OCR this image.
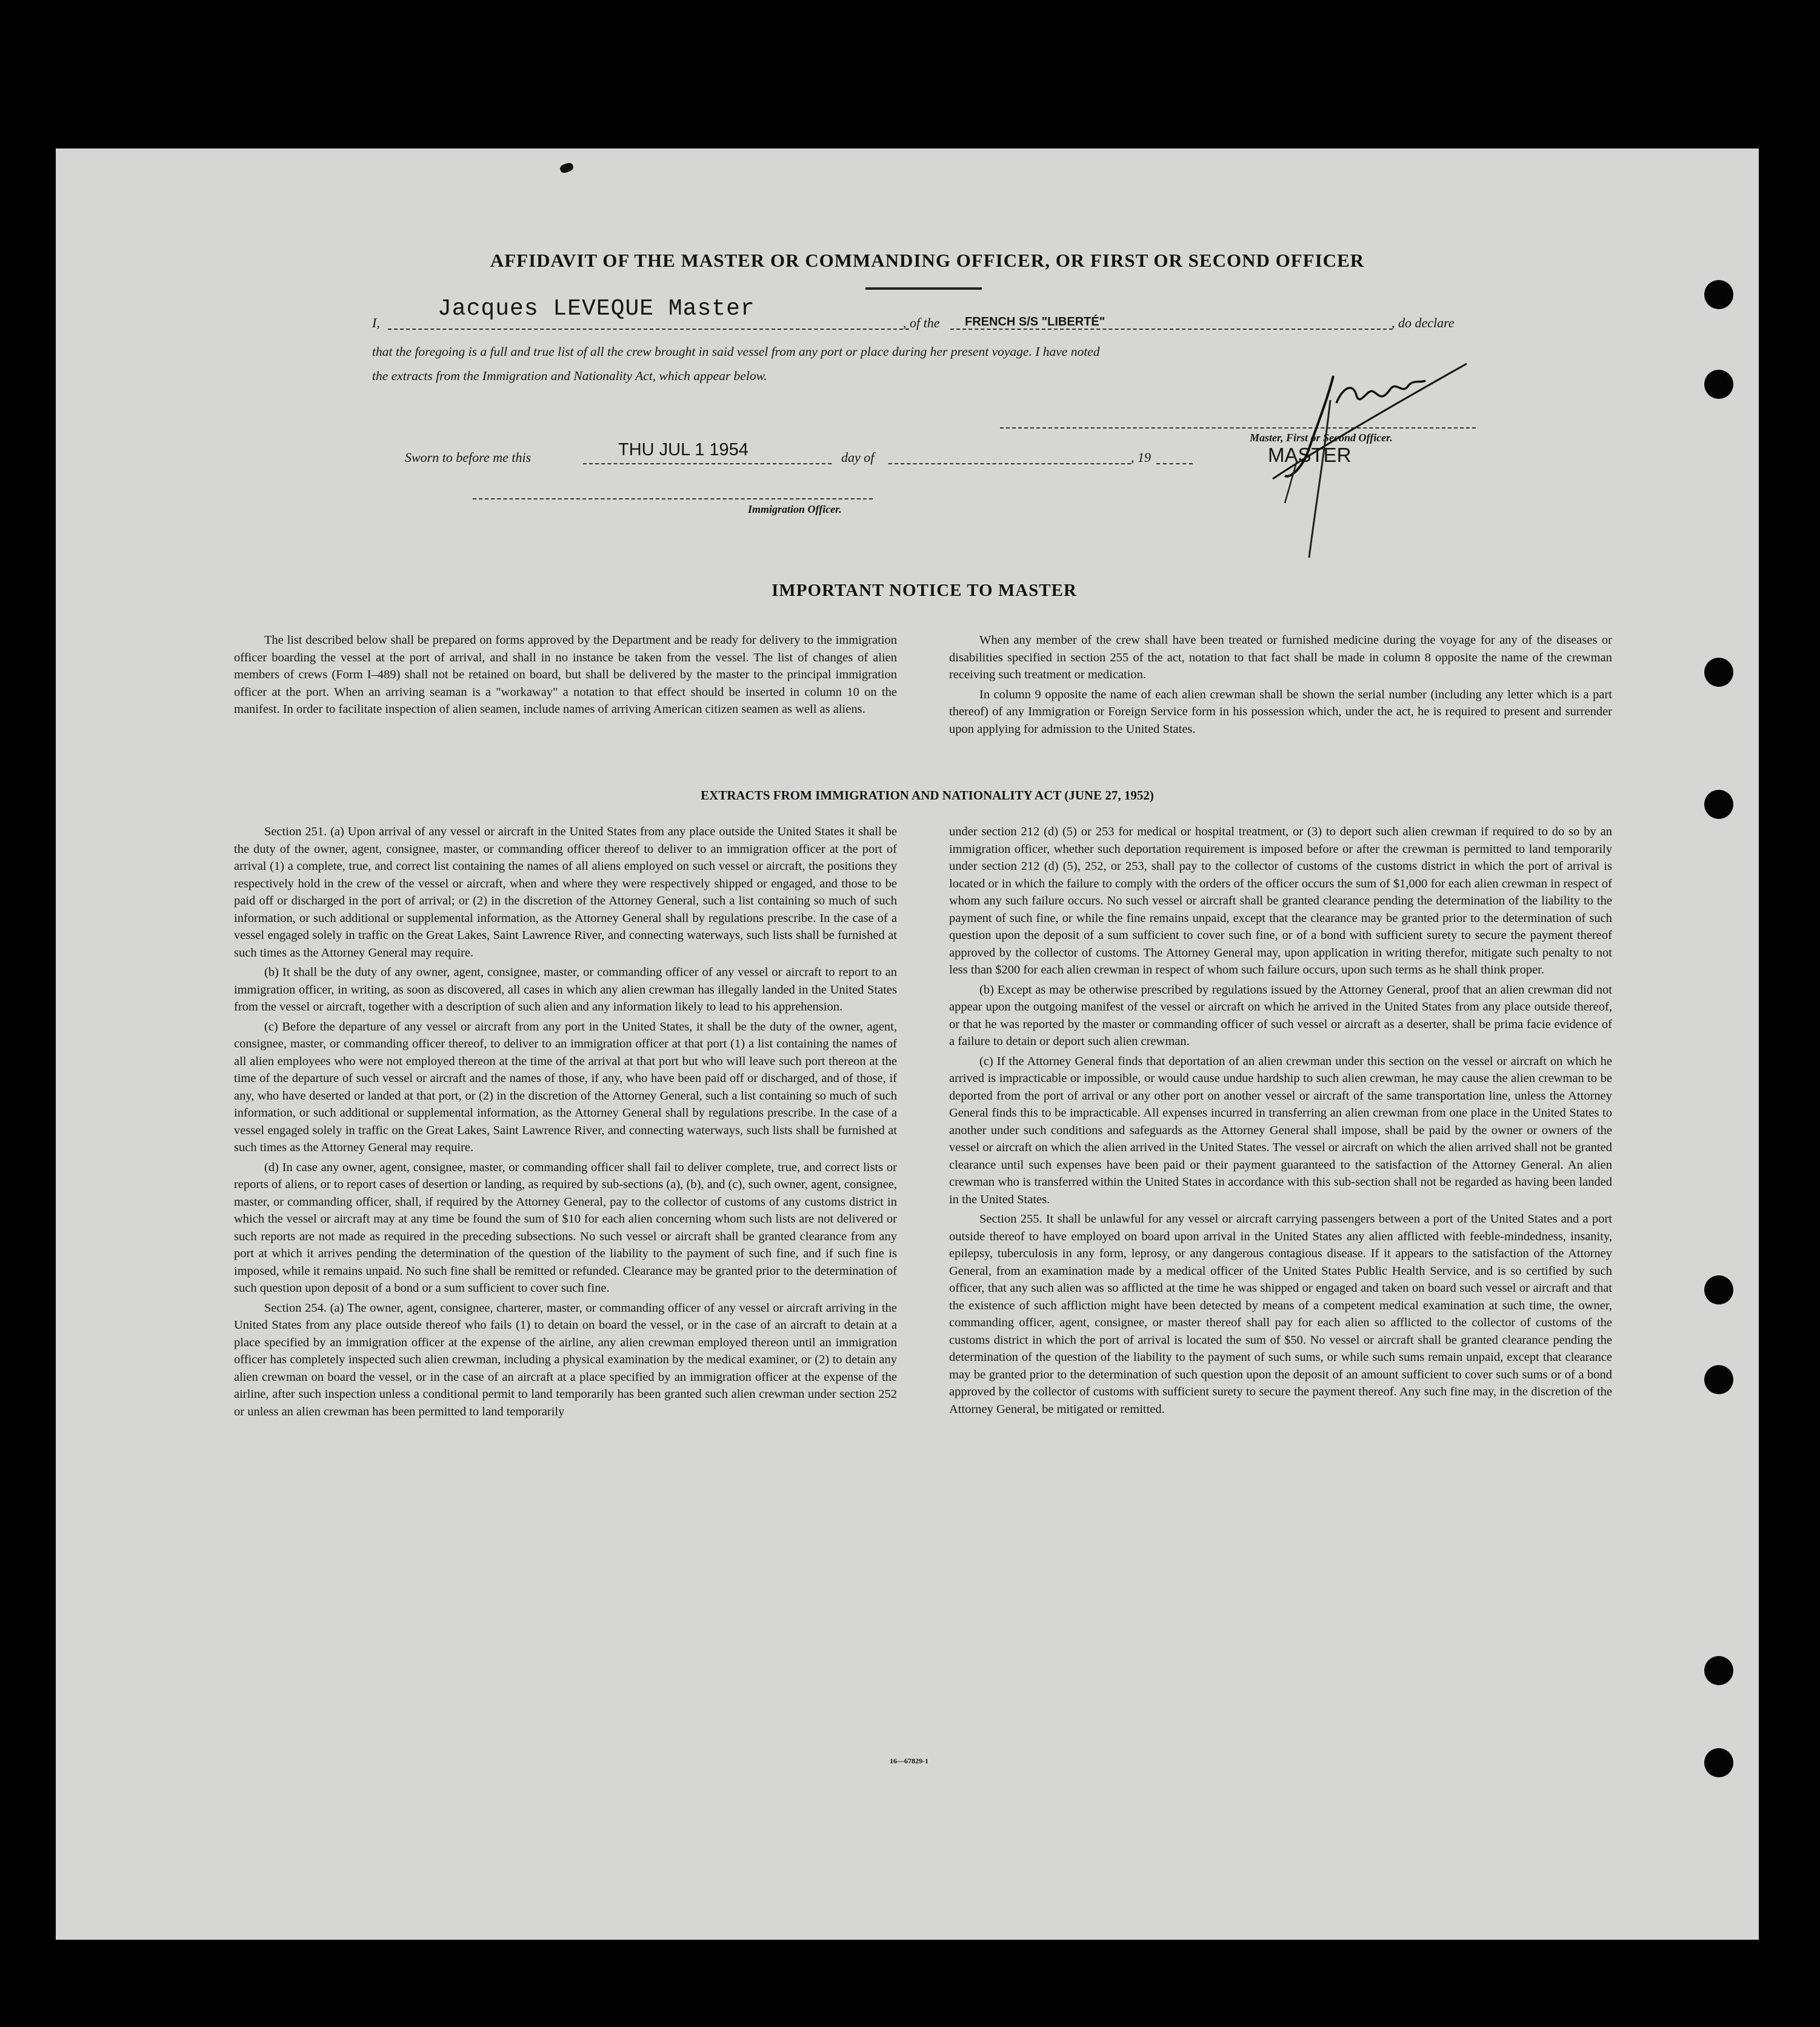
AFFIDAVIT OF THE MASTER OR COMMANDING OFFICER, OR FIRST OR SECOND OFFICER
I,
Jacques LEVEQUE Master
, of the FRENCH S/S "LIBERTÉ"	, do declare
that the foregoing is a full and true list of all the crew brought in said vessel from any port or place during her present voyage. I have noted
the extracts from the Immigration and Nationality Act, which appear below.
Master, First or Second Officer.
MASTER
Sworn to before me this	THU JUL 1 1954	day of	, 19
Immigration Officer.
IMPORTANT NOTICE TO MASTER

The list described below shall be prepared on forms approved by the Department and be ready for delivery to the immigration officer boarding the vessel at the port of arrival, and shall in no instance be taken from the vessel. The list of changes of alien members of crews (Form I–489) shall not be retained on board, but shall be delivered by the master to the principal immigration officer at the port. When an arriving seaman is a "workaway" a notation to that effect should be inserted in column 10 on the manifest. In order to facilitate inspection of alien seamen, include names of arriving American citizen seamen as well as aliens.

When any member of the crew shall have been treated or furnished medicine during the voyage for any of the diseases or disabilities specified in section 255 of the act, notation to that fact shall be made in column 8 opposite the name of the crewman receiving such treatment or medication.

In column 9 opposite the name of each alien crewman shall be shown the serial number (including any letter which is a part thereof) of any Immigration or Foreign Service form in his possession which, under the act, he is required to present and surrender upon applying for admission to the United States.

EXTRACTS FROM IMMIGRATION AND NATIONALITY ACT (JUNE 27, 1952)

Section 251. (a) Upon arrival of any vessel or aircraft in the United States from any place outside the United States it shall be the duty of the owner, agent, consignee, master, or commanding officer thereof to deliver to an immigration officer at the port of arrival (1) a complete, true, and correct list containing the names of all aliens employed on such vessel or aircraft, the positions they respectively hold in the crew of the vessel or aircraft, when and where they were respectively shipped or engaged, and those to be paid off or discharged in the port of arrival; or (2) in the discretion of the Attorney General, such a list containing so much of such information, or such additional or supplemental information, as the Attorney General shall by regulations prescribe. In the case of a vessel engaged solely in traffic on the Great Lakes, Saint Lawrence River, and connecting waterways, such lists shall be furnished at such times as the Attorney General may require.

(b) It shall be the duty of any owner, agent, consignee, master, or commanding officer of any vessel or aircraft to report to an immigration officer, in writing, as soon as discovered, all cases in which any alien crewman has illegally landed in the United States from the vessel or aircraft, together with a description of such alien and any information likely to lead to his apprehension.

(c) Before the departure of any vessel or aircraft from any port in the United States, it shall be the duty of the owner, agent, consignee, master, or commanding officer thereof, to deliver to an immigration officer at that port (1) a list containing the names of all alien employees who were not employed thereon at the time of the arrival at that port but who will leave such port thereon at the time of the departure of such vessel or aircraft and the names of those, if any, who have been paid off or discharged, and of those, if any, who have deserted or landed at that port, or (2) in the discretion of the Attorney General, such a list containing so much of such information, or such additional or supplemental information, as the Attorney General shall by regulations prescribe. In the case of a vessel engaged solely in traffic on the Great Lakes, Saint Lawrence River, and connecting waterways, such lists shall be furnished at such times as the Attorney General may require.

(d) In case any owner, agent, consignee, master, or commanding officer shall fail to deliver complete, true, and correct lists or reports of aliens, or to report cases of desertion or landing, as required by sub-sections (a), (b), and (c), such owner, agent, consignee, master, or commanding officer, shall, if required by the Attorney General, pay to the collector of customs of any customs district in which the vessel or aircraft may at any time be found the sum of $10 for each alien concerning whom such lists are not delivered or such reports are not made as required in the preceding subsections. No such vessel or aircraft shall be granted clearance from any port at which it arrives pending the determination of the question of the liability to the payment of such fine, and if such fine is imposed, while it remains unpaid. No such fine shall be remitted or refunded. Clearance may be granted prior to the determination of such question upon deposit of a bond or a sum sufficient to cover such fine.

Section 254. (a) The owner, agent, consignee, charterer, master, or commanding officer of any vessel or aircraft arriving in the United States from any place outside thereof who fails (1) to detain on board the vessel, or in the case of an aircraft to detain at a place specified by an immigration officer at the expense of the airline, any alien crewman employed thereon until an immigration officer has completely inspected such alien crewman, including a physical examination by the medical examiner, or (2) to detain any alien crewman on board the vessel, or in the case of an aircraft at a place specified by an immigration officer at the expense of the airline, after such inspection unless a conditional permit to land temporarily has been granted such alien crewman under section 252 or unless an alien crewman has been permitted to land temporarily

under section 212 (d) (5) or 253 for medical or hospital treatment, or (3) to deport such alien crewman if required to do so by an immigration officer, whether such deportation requirement is imposed before or after the crewman is permitted to land temporarily under section 212 (d) (5), 252, or 253, shall pay to the collector of customs of the customs district in which the port of arrival is located or in which the failure to comply with the orders of the officer occurs the sum of $1,000 for each alien crewman in respect of whom any such failure occurs. No such vessel or aircraft shall be granted clearance pending the determination of the liability to the payment of such fine, or while the fine remains unpaid, except that the clearance may be granted prior to the determination of such question upon the deposit of a sum sufficient to cover such fine, or of a bond with sufficient surety to secure the payment thereof approved by the collector of customs. The Attorney General may, upon application in writing therefor, mitigate such penalty to not less than $200 for each alien crewman in respect of whom such failure occurs, upon such terms as he shall think proper.

(b) Except as may be otherwise prescribed by regulations issued by the Attorney General, proof that an alien crewman did not appear upon the outgoing manifest of the vessel or aircraft on which he arrived in the United States from any place outside thereof, or that he was reported by the master or commanding officer of such vessel or aircraft as a deserter, shall be prima facie evidence of a failure to detain or deport such alien crewman.

(c) If the Attorney General finds that deportation of an alien crewman under this section on the vessel or aircraft on which he arrived is impracticable or impossible, or would cause undue hardship to such alien crewman, he may cause the alien crewman to be deported from the port of arrival or any other port on another vessel or aircraft of the same transportation line, unless the Attorney General finds this to be impracticable. All expenses incurred in transferring an alien crewman from one place in the United States to another under such conditions and safeguards as the Attorney General shall impose, shall be paid by the owner or owners of the vessel or aircraft on which the alien arrived in the United States. The vessel or aircraft on which the alien arrived shall not be granted clearance until such expenses have been paid or their payment guaranteed to the satisfaction of the Attorney General. An alien crewman who is transferred within the United States in accordance with this sub-section shall not be regarded as having been landed in the United States.

Section 255. It shall be unlawful for any vessel or aircraft carrying passengers between a port of the United States and a port outside thereof to have employed on board upon arrival in the United States any alien afflicted with feeble-mindedness, insanity, epilepsy, tuberculosis in any form, leprosy, or any dangerous contagious disease. If it appears to the satisfaction of the Attorney General, from an examination made by a medical officer of the United States Public Health Service, and is so certified by such officer, that any such alien was so afflicted at the time he was shipped or engaged and taken on board such vessel or aircraft and that the existence of such affliction might have been detected by means of a competent medical examination at such time, the owner, commanding officer, agent, consignee, or master thereof shall pay for each alien so afflicted to the collector of customs of the customs district in which the port of arrival is located the sum of $50. No vessel or aircraft shall be granted clearance pending the determination of the question of the liability to the payment of such sums, or while such sums remain unpaid, except that clearance may be granted prior to the determination of such question upon the deposit of an amount sufficient to cover such sums or of a bond approved by the collector of customs with sufficient surety to secure the payment thereof. Any such fine may, in the discretion of the Attorney General, be mitigated or remitted.

16—67829-1
